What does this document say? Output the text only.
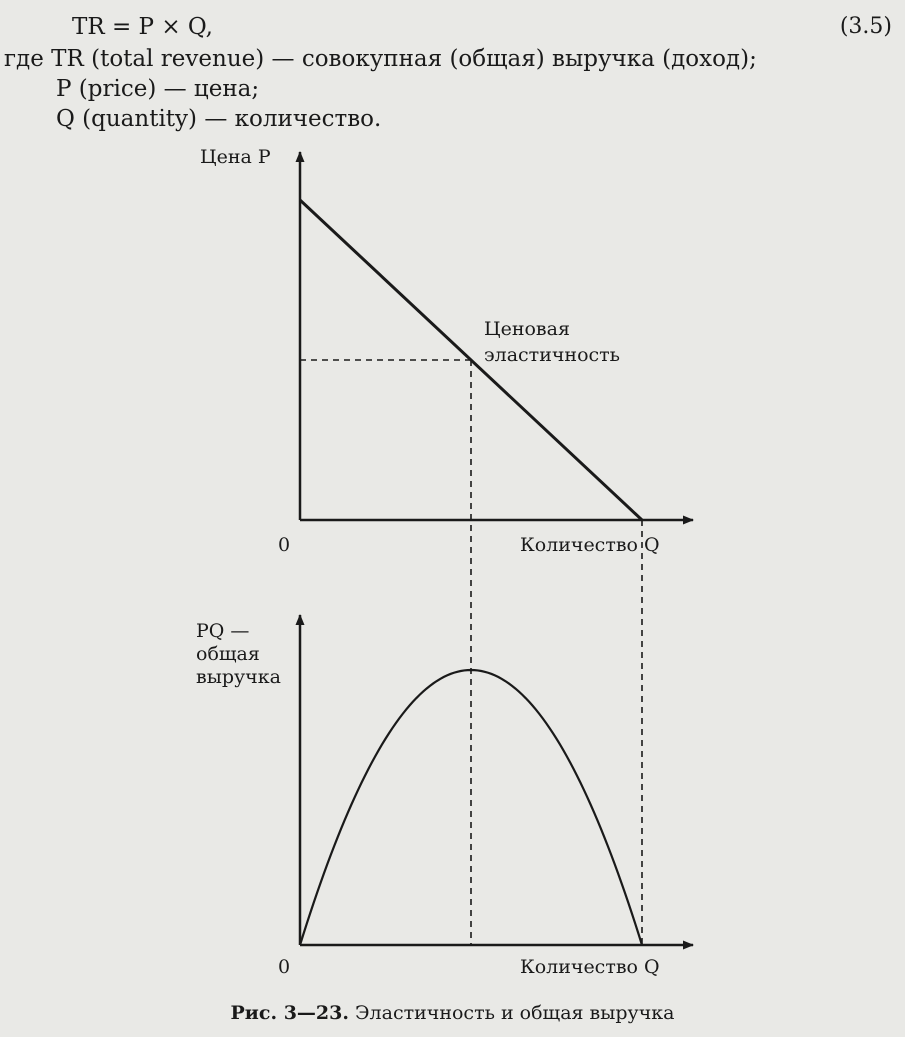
TR = P × Q,	(3.5)
где TR (total revenue) — совокупная (общая) выручка (доход);
P (price) — цена;
Q (quantity) — количество.
Цена P
0	Количество Q
Ценовая
эластичность
PQ —
общая
выручка
0	Количество Q
Рис. 3—23. Эластичность и общая выручка
